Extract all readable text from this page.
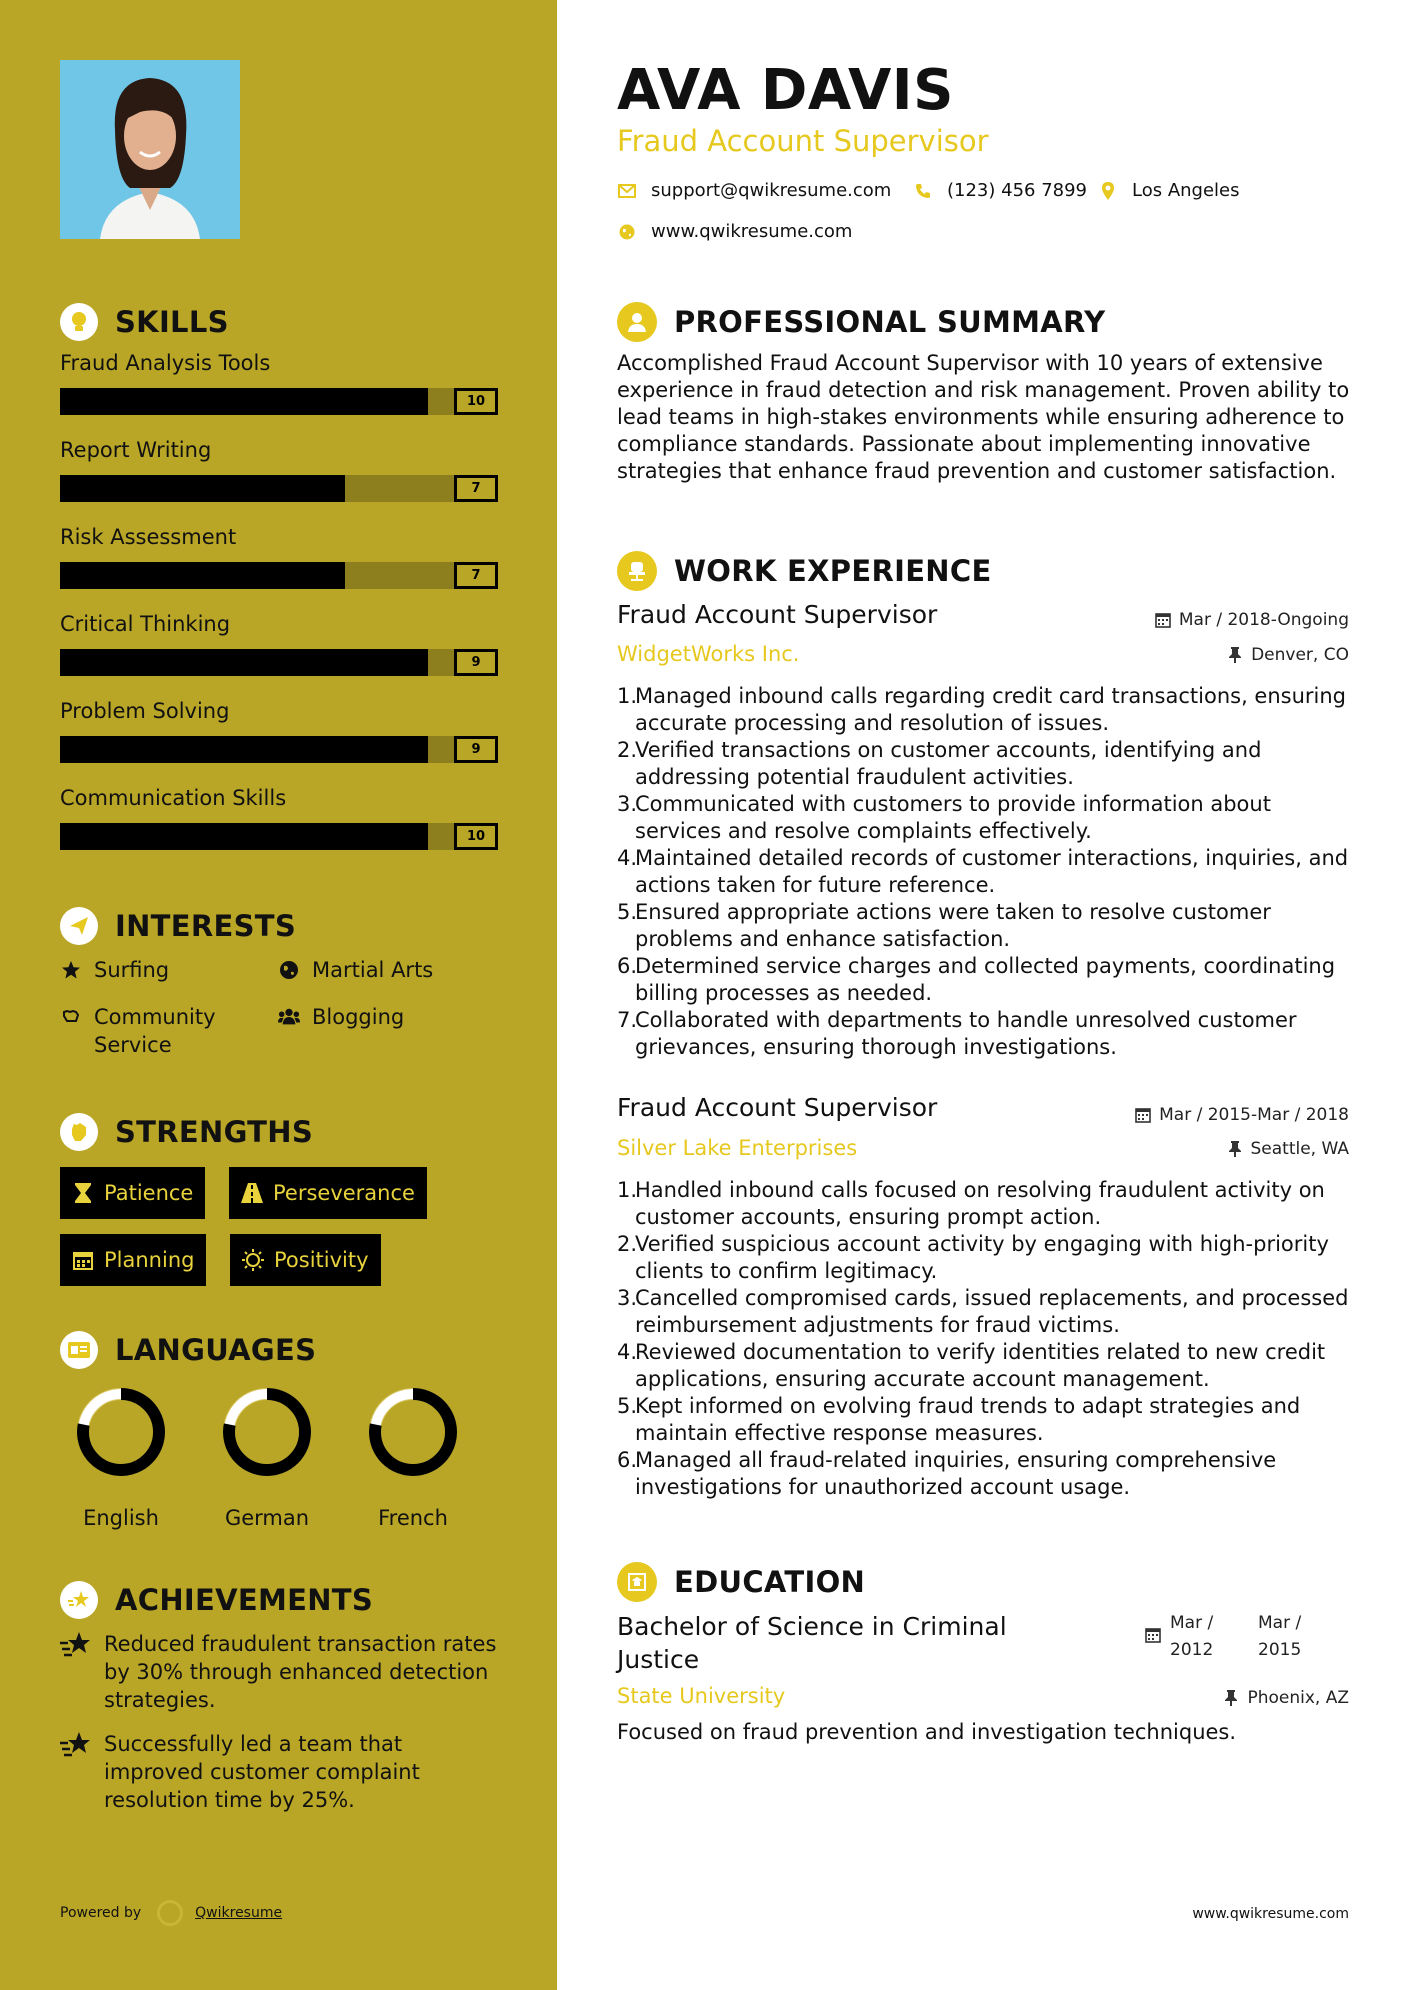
SKILLS
Fraud Analysis Tools
10
Report Writing
7
Risk Assessment
7
Critical Thinking
9
Problem Solving
9
Communication Skills
10
INTERESTS
Surfing	Martial Arts
Community Service
Blogging
STRENGTHS
Patience	Perseverance
Planning	Positivity
LANGUAGES
English	German	French
ACHIEVEMENTS
Reduced fraudulent transaction rates by 30% through enhanced detection strategies.
Successfully led a team that improved customer complaint resolution time by 25%.
Powered by	Qwikresume
AVA DAVIS
Fraud Account Supervisor
support@qwikresume.com	(123) 456 7899 Los Angeles
www.qwikresume.com
PROFESSIONAL SUMMARY
Accomplished Fraud Account Supervisor with 10 years of extensive experience in fraud detection and risk management. Proven ability to lead teams in high-stakes environments while ensuring adherence to compliance standards. Passionate about implementing innovative strategies that enhance fraud prevention and customer satisfaction.
WORK EXPERIENCE
Fraud Account Supervisor	Mar / 2018-Ongoing
WidgetWorks Inc.	Denver, CO
1.
Managed inbound calls regarding credit card transactions, ensuring accurate processing and resolution of issues.
2.
Verified transactions on customer accounts, identifying and addressing potential fraudulent activities.
3.
Communicated with customers to provide information about services and resolve complaints effectively.
4.
Maintained detailed records of customer interactions, inquiries, and actions taken for future reference.
5.
Ensured appropriate actions were taken to resolve customer problems and enhance satisfaction.
6.
Determined service charges and collected payments, coordinating billing processes as needed.
7.
Collaborated with departments to handle unresolved customer grievances, ensuring thorough investigations.
Fraud Account Supervisor	Mar / 2015-Mar / 2018
Silver Lake Enterprises	Seattle, WA
1.
Handled inbound calls focused on resolving fraudulent activity on customer accounts, ensuring prompt action.
2.
Verified suspicious account activity by engaging with high-priority clients to confirm legitimacy.
3.
Cancelled compromised cards, issued replacements, and processed reimbursement adjustments for fraud victims.
4.
Reviewed documentation to verify identities related to new credit applications, ensuring accurate account management.
5.
Kept informed on evolving fraud trends to adapt strategies and maintain effective response measures.
6.
Managed all fraud-related inquiries, ensuring comprehensive investigations for unauthorized account usage.
EDUCATION
Bachelor of Science in Criminal Justice
Mar / 2012
Mar / 2015
State University	Phoenix, AZ
Focused on fraud prevention and investigation techniques.
www.qwikresume.com
